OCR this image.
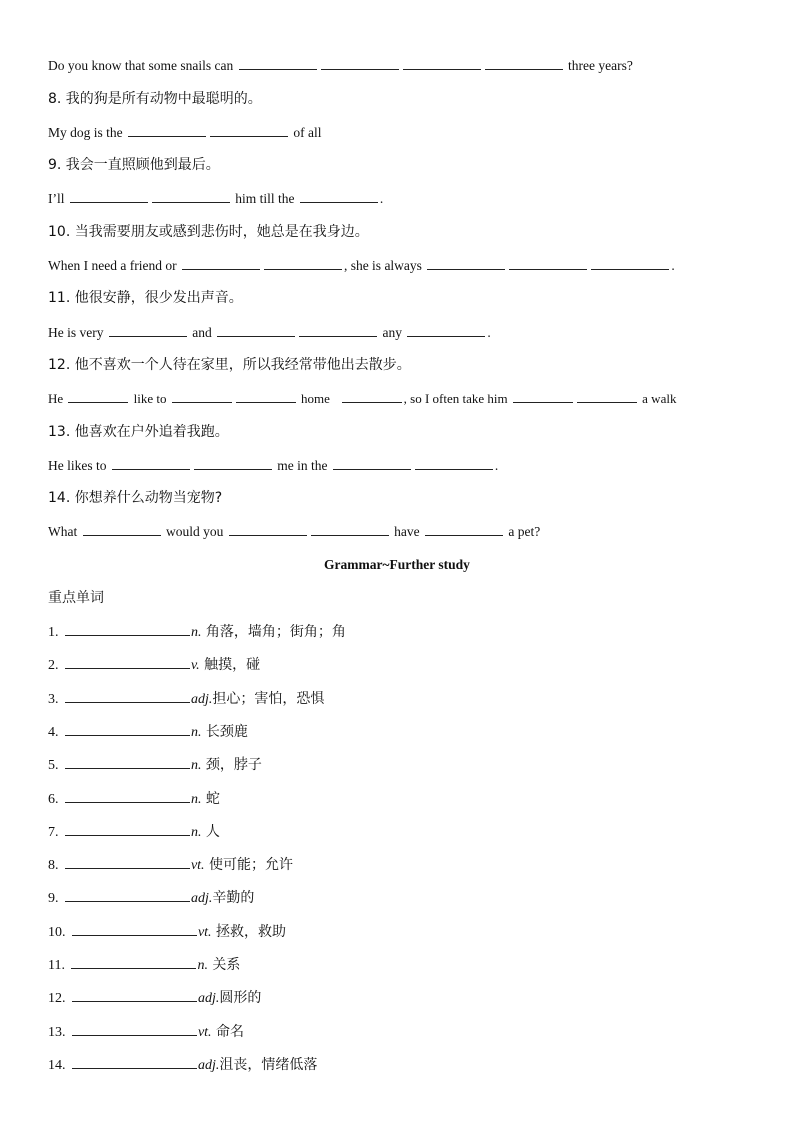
Do you know that some snails can	three years?
8. 我的狗是所有动物中最聪明的。
My dog is the	of all
9. 我会一直照顾他到最后。
I’ll	him till the	.
10. 当我需要朋友或感到悲伤时，她总是在我身边。
When I need a friend or	, she is always	.
11. 他很安静，很少发出声音。
He is very	and	any	.
12. 他不喜欢一个人待在家里，所以我经常带他出去散步。
He	like to	home	, so I often take him	a walk
13. 他喜欢在户外追着我跑。
He likes to	me in the	.
14. 你想养什么动物当宠物?
What	would you	have	a pet?
Grammar~Further study
重点单词
1.	n. 角落，墙角；街角；角
2.	v. 触摸，碰
3.	adj.担心；害怕，恐惧
4.	n. 长颈鹿
5.	n. 颈，脖子
6.	n. 蛇
7.	n. 人
8.	vt. 使可能；允许
9.	adj.辛勤的
10.	vt. 拯救，救助
11.	n. 关系
12.	adj.圆形的
13.	vt. 命名
14.	adj.沮丧，情绪低落
